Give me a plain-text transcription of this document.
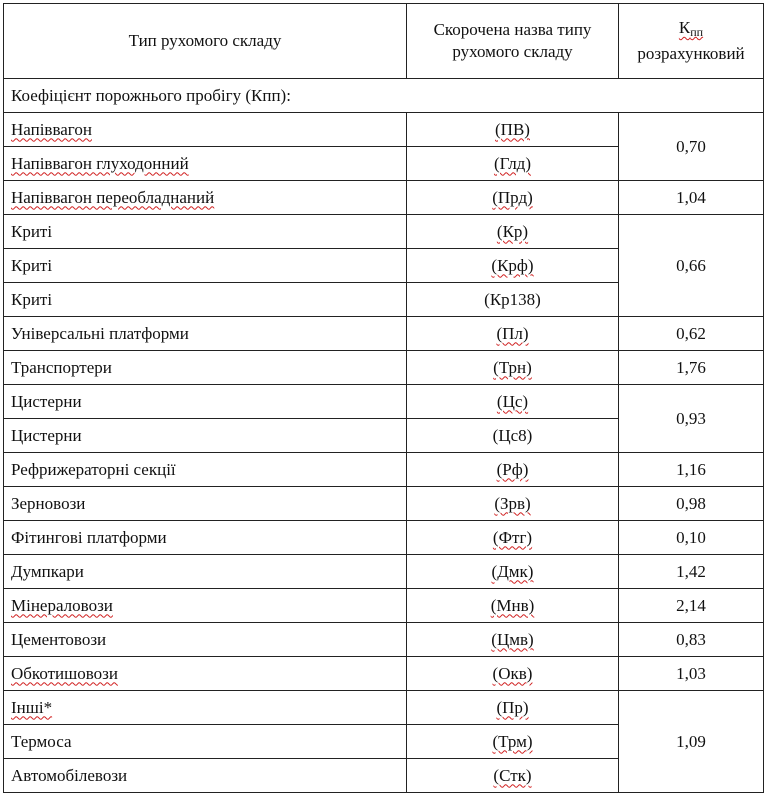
Тип рухомого складу	Скорочена назва типу рухомого складу	$К_{пп}$
розрахунковий
Коефіцієнт порожнього пробігу (Кпп):		
Напіввагон	(ПВ)	0,70
Напіввагон глуходонний	(Глд)	
Напіввагон переобладнаний	(Прд)	1,04
Криті	(Кр)	0,66
Криті	(Крф)	
Криті	(Кр138)	
Універсальні платформи	(Пл)	0,62
Транспортери	(Трн)	1,76
Цистерни	(Цс)	0,93
Цистерни	(Цс8)	
Рефрижераторні секції	(Рф)	1,16
Зерновози	(Зрв)	0,98
Фітингові платформи	(Фтг)	0,10
Думпкари	(Дмк)	1,42
Мінераловози	(Мнв)	2,14
Цементовози	(Цмв)	0,83
Обкотишовози	(Окв)	1,03
Інші*	(Пр)	1,09
Термоса	(Трм)	
Автомобілевози	(Стк)	
